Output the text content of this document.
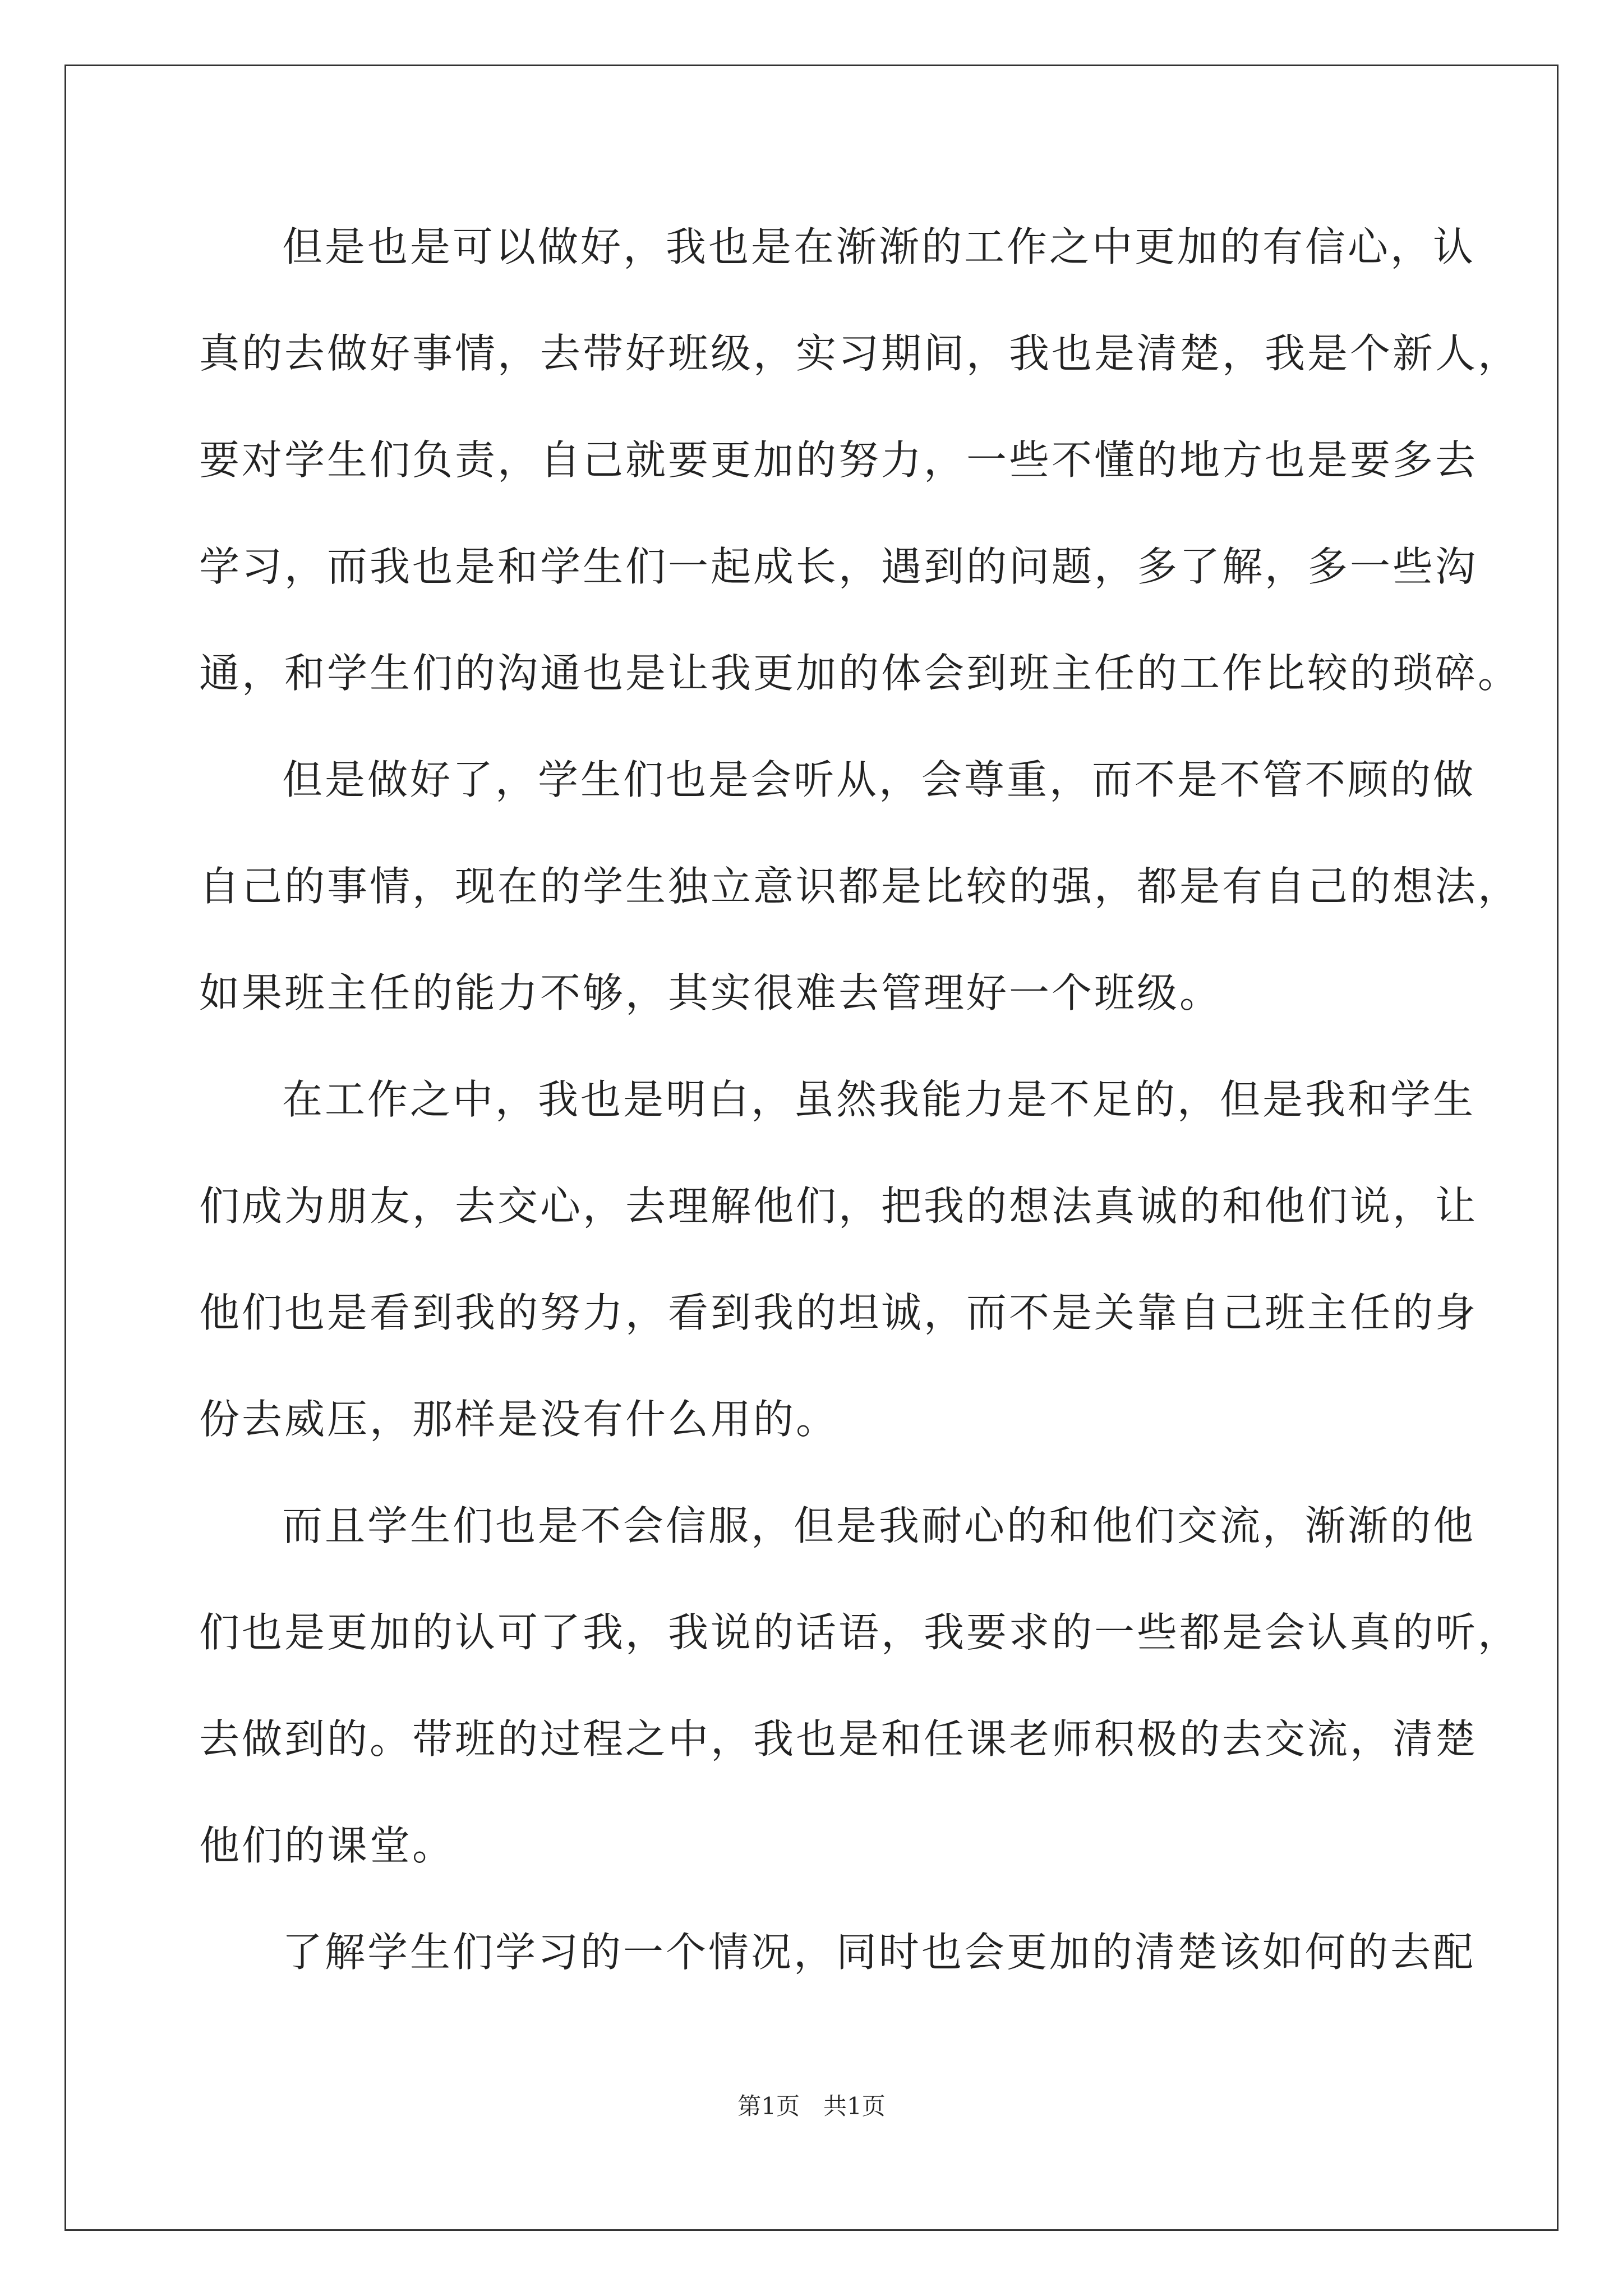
但是也是可以做好，我也是在渐渐的工作之中更加的有信心，认
真的去做好事情，去带好班级，实习期间，我也是清楚，我是个新人，
要对学生们负责，自己就要更加的努力，一些不懂的地方也是要多去
学习，而我也是和学生们一起成长，遇到的问题，多了解，多一些沟
通，和学生们的沟通也是让我更加的体会到班主任的工作比较的琐碎。
但是做好了，学生们也是会听从，会尊重，而不是不管不顾的做
自己的事情，现在的学生独立意识都是比较的强，都是有自己的想法，
如果班主任的能力不够，其实很难去管理好一个班级。
在工作之中，我也是明白，虽然我能力是不足的，但是我和学生
们成为朋友，去交心，去理解他们，把我的想法真诚的和他们说，让
他们也是看到我的努力，看到我的坦诚，而不是关靠自己班主任的身
份去威压，那样是没有什么用的。
而且学生们也是不会信服，但是我耐心的和他们交流，渐渐的他
们也是更加的认可了我，我说的话语，我要求的一些都是会认真的听，
去做到的。带班的过程之中，我也是和任课老师积极的去交流，清楚
他们的课堂。
了解学生们学习的一个情况，同时也会更加的清楚该如何的去配
第1页　共1页
